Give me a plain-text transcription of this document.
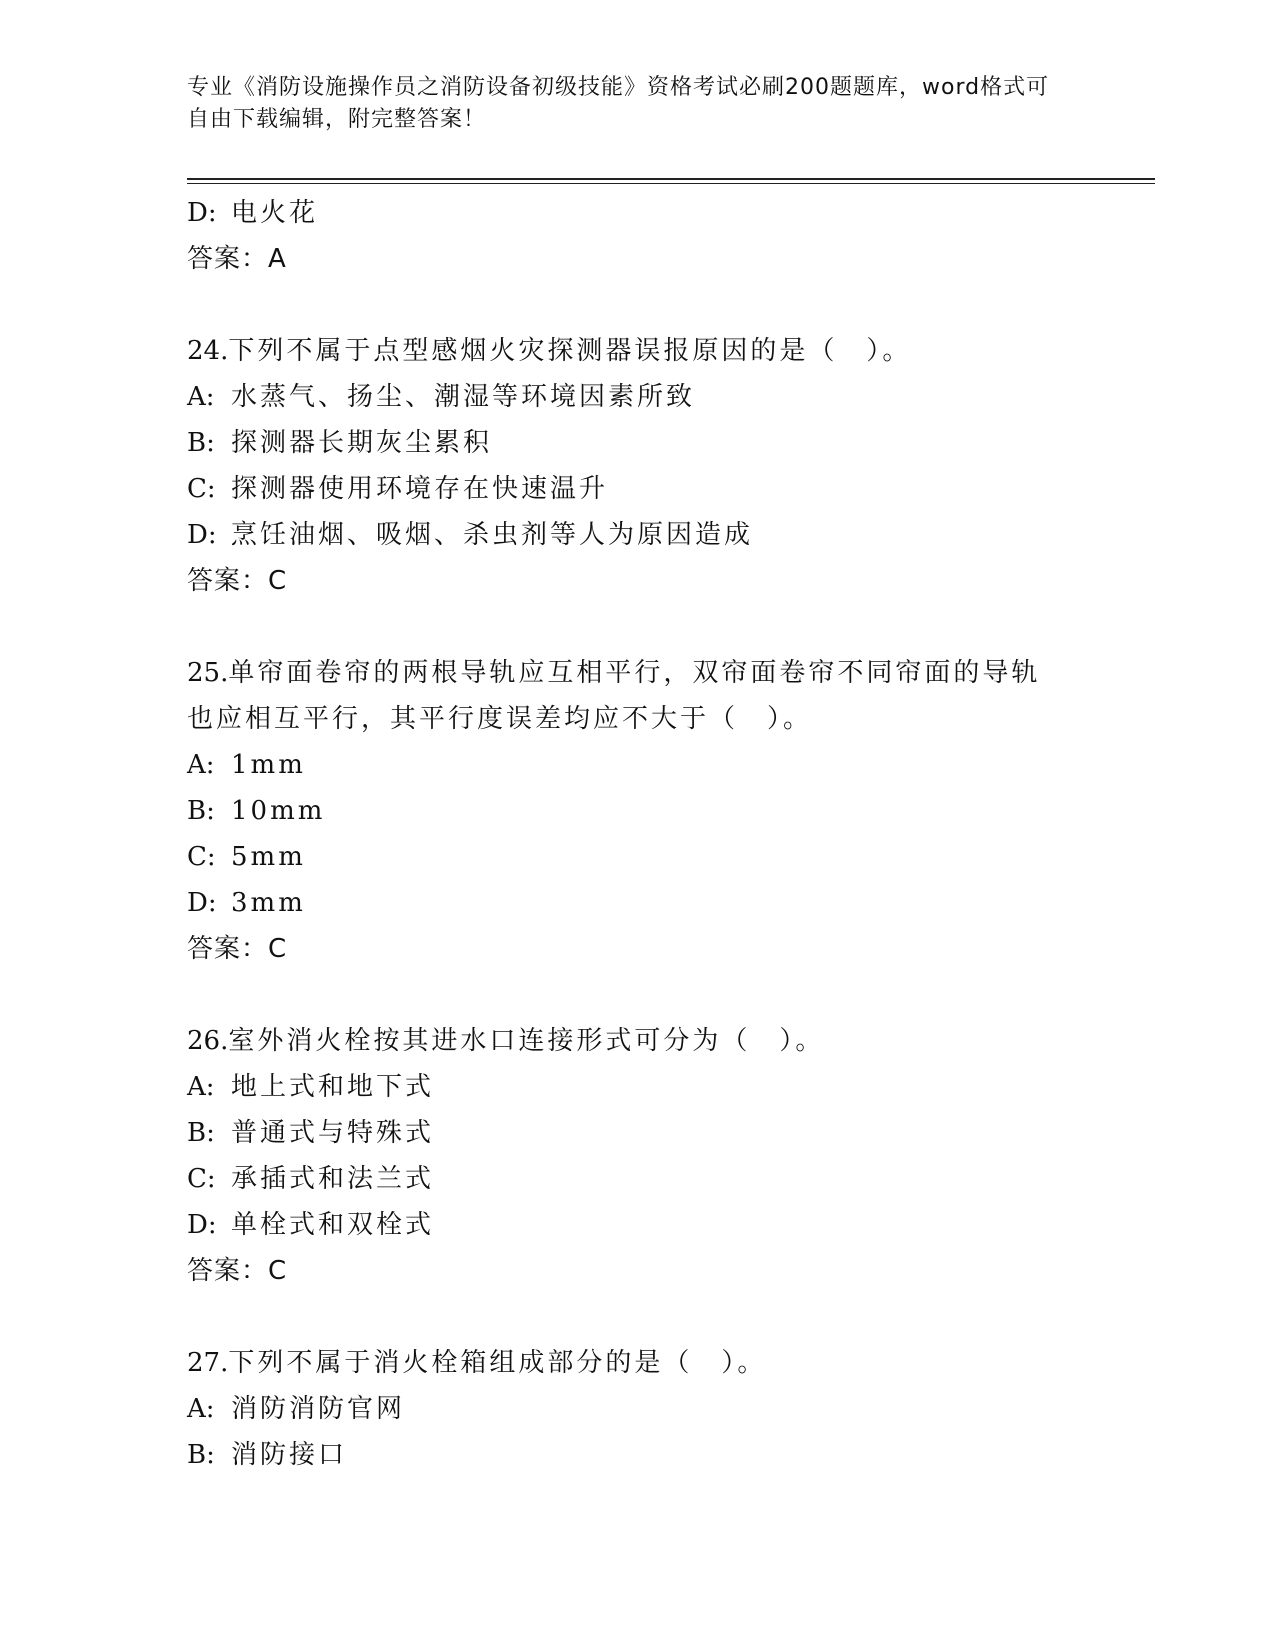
专业《消防设施操作员之消防设备初级技能》资格考试必刷200题题库，word格式可自由下载编辑，附完整答案！
D: 电火花
答案：A
24.下列不属于点型感烟火灾探测器误报原因的是（　）。
A: 水蒸气、扬尘、潮湿等环境因素所致
B: 探测器长期灰尘累积
C: 探测器使用环境存在快速温升
D: 烹饪油烟、吸烟、杀虫剂等人为原因造成
答案：C
25.单帘面卷帘的两根导轨应互相平行，双帘面卷帘不同帘面的导轨也应相互平行，其平行度误差均应不大于（　）。
A: 1mm
B: 10mm
C: 5mm
D: 3mm
答案：C
26.室外消火栓按其进水口连接形式可分为（　）。
A: 地上式和地下式
B: 普通式与特殊式
C: 承插式和法兰式
D: 单栓式和双栓式
答案：C
27.下列不属于消火栓箱组成部分的是（　）。
A: 消防消防官网
B: 消防接口
